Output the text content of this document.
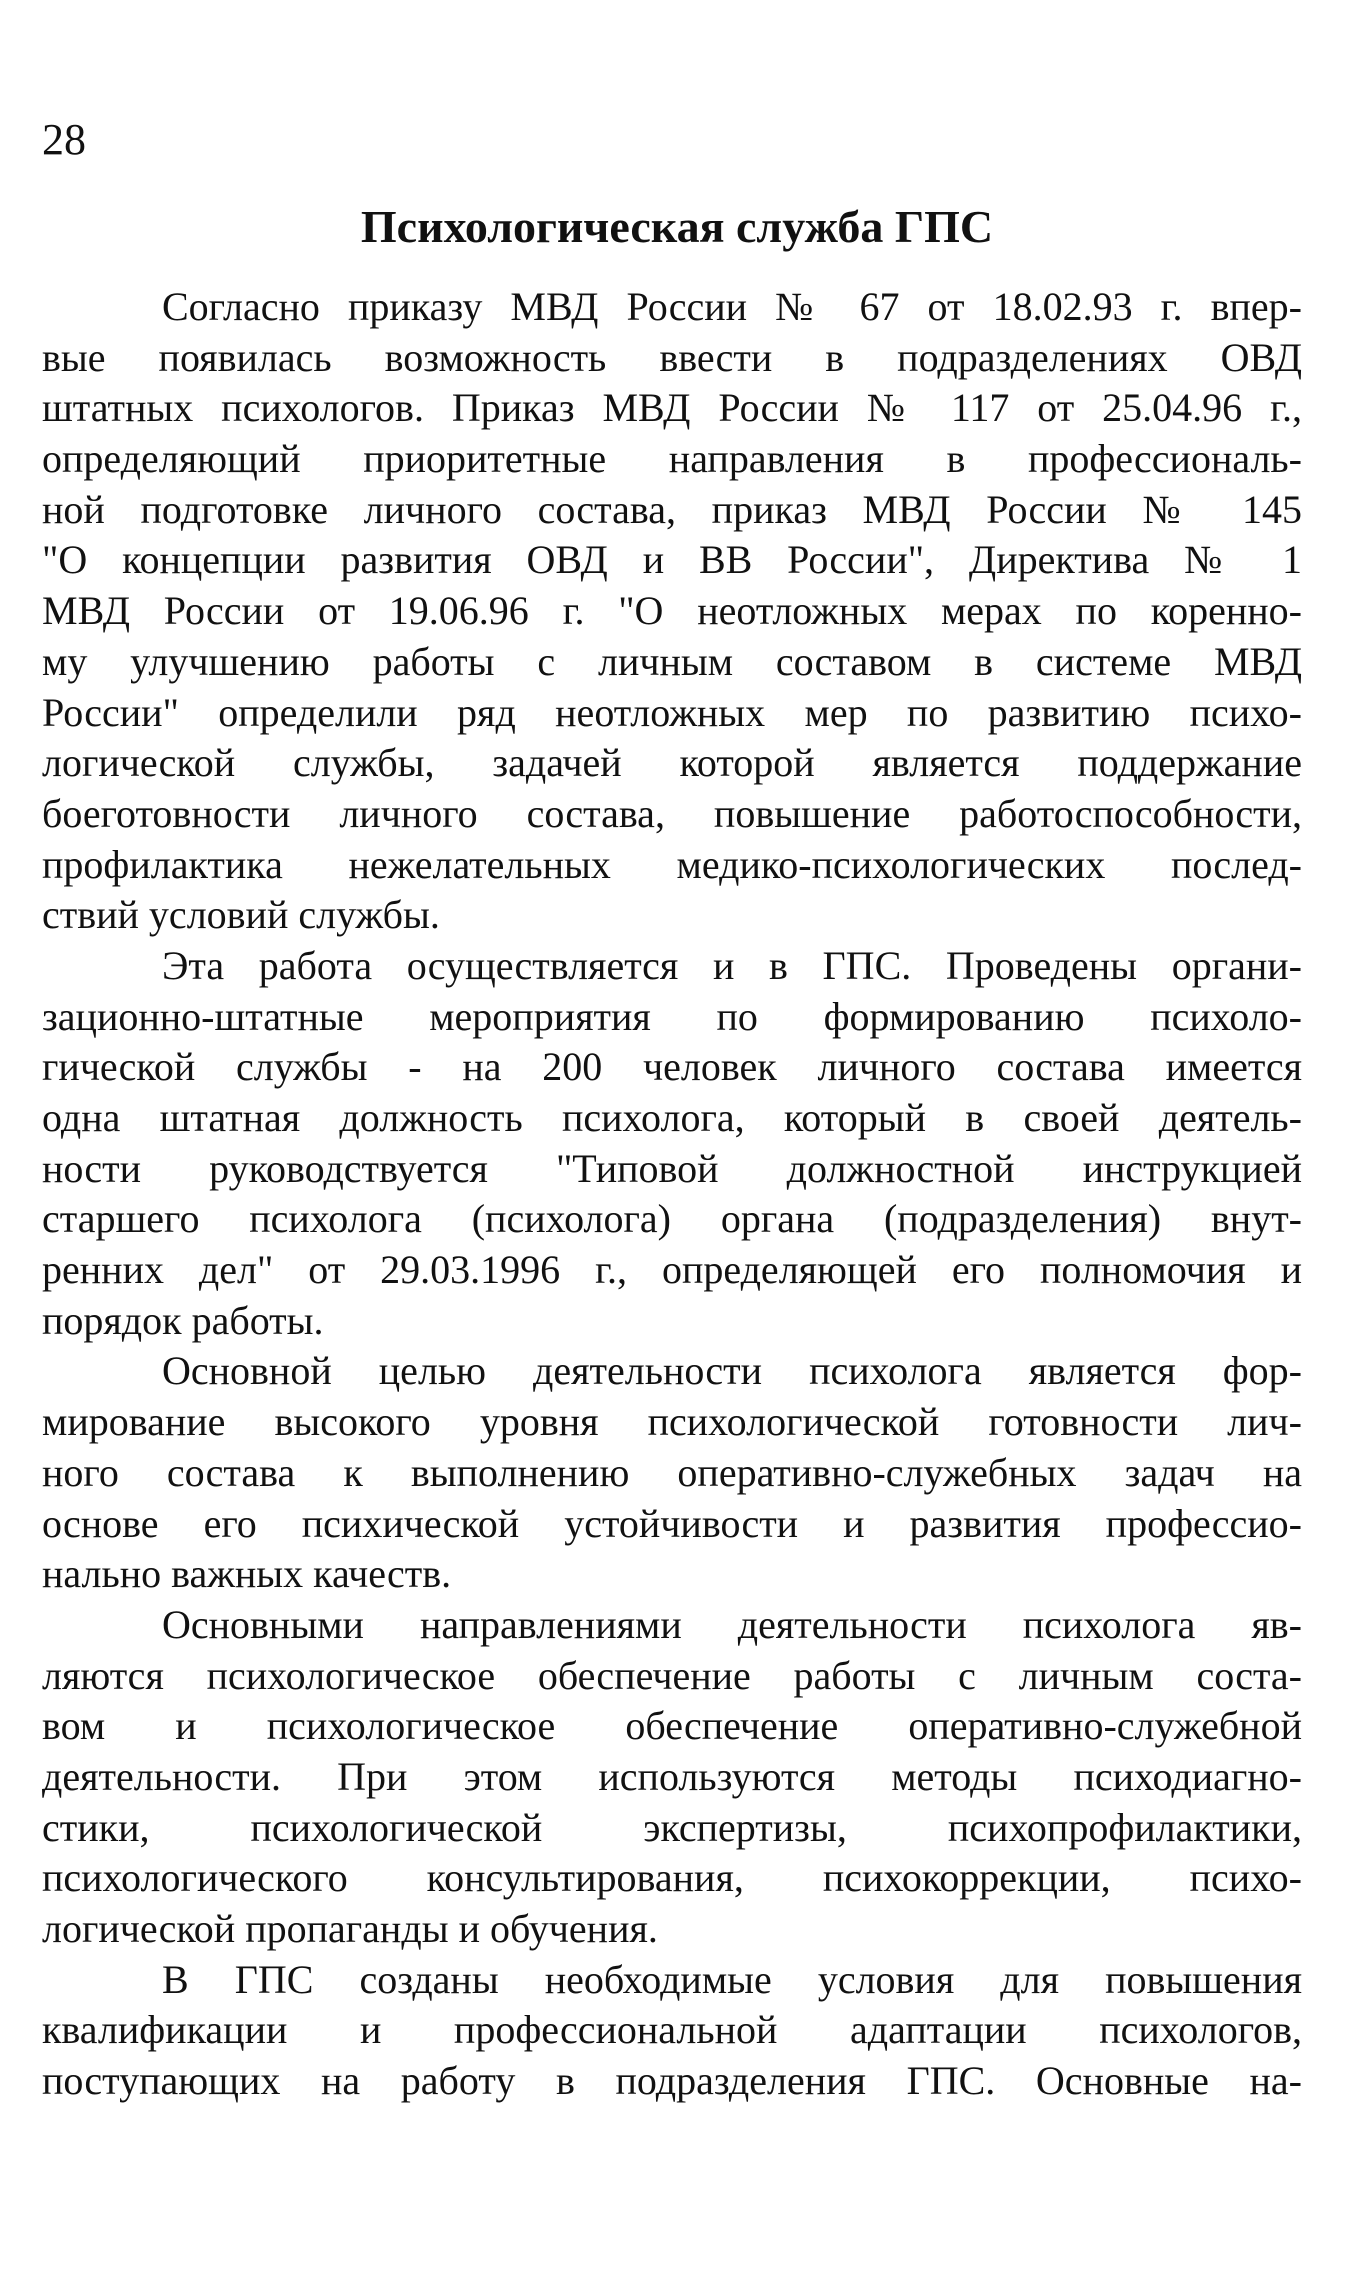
28
Психологическая служба ГПС
Согласно приказу МВД России № 67 от 18.02.93 г. впер-
вые появилась возможность ввести в подразделениях ОВД
штатных психологов. Приказ МВД России № 117 от 25.04.96 г.,
определяющий приоритетные направления в профессиональ-
ной подготовке личного состава, приказ МВД России № 145
"О концепции развития ОВД и ВВ России", Директива № 1
МВД России от 19.06.96 г. "О неотложных мерах по коренно-
му улучшению работы с личным составом в системе МВД
России" определили ряд неотложных мер по развитию психо-
логической службы, задачей которой является поддержание
боеготовности личного состава, повышение работоспособности,
профилактика нежелательных медико-психологических послед-
ствий условий службы.
Эта работа осуществляется и в ГПС. Проведены органи-
зационно-штатные мероприятия по формированию психоло-
гической службы - на 200 человек личного состава имеется
одна штатная должность психолога, который в своей деятель-
ности руководствуется "Типовой должностной инструкцией
старшего психолога (психолога) органа (подразделения) внут-
ренних дел" от 29.03.1996 г., определяющей его полномочия и
порядок работы.
Основной целью деятельности психолога является фор-
мирование высокого уровня психологической готовности лич-
ного состава к выполнению оперативно-служебных задач на
основе его психической устойчивости и развития профессио-
нально важных качеств.
Основными направлениями деятельности психолога яв-
ляются психологическое обеспечение работы с личным соста-
вом и психологическое обеспечение оперативно-служебной
деятельности. При этом используются методы психодиагно-
стики, психологической экспертизы, психопрофилактики,
психологического консультирования, психокоррекции, психо-
логической пропаганды и обучения.
В ГПС созданы необходимые условия для повышения
квалификации и профессиональной адаптации психологов,
поступающих на работу в подразделения ГПС. Основные на-
